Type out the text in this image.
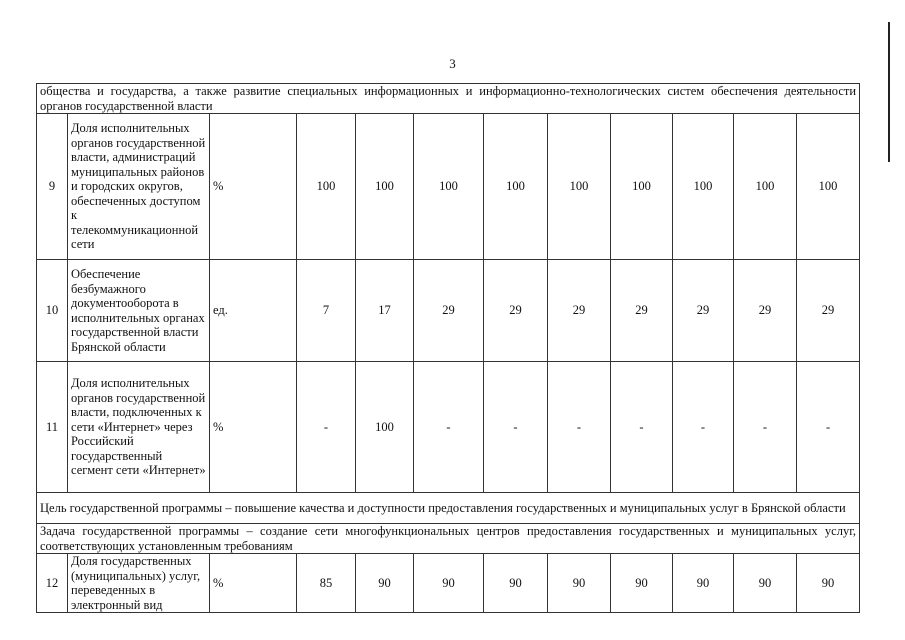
3
общества и государства, а также развитие специальных информационных и информационно-технологических систем обеспечения деятельности органов государственной власти											
9	Доля исполнительных органов государственной власти, администраций муниципальных районов и городских округов, обеспеченных доступом к телекоммуникационной сети	%	100	100	100	100	100	100	100	100	100
10	Обеспечение безбумажного документооборота в исполнительных органах государственной власти Брянской области	ед.	7	17	29	29	29	29	29	29	29
11	Доля исполнительных органов государственной власти, подключенных к сети «Интернет» через Российский государственный сегмент сети «Интернет»	%	-	100	-	-	-	-	-	-	-
Цель государственной программы – повышение качества и доступности предоставления государственных и муниципальных услуг в Брянской области											
Задача государственной программы – создание сети многофункциональных центров предоставления государственных и муниципальных услуг, соответствующих установленным требованиям											
12	Доля государственных (муниципальных) услуг, переведенных в электронный вид	%	85	90	90	90	90	90	90	90	90
